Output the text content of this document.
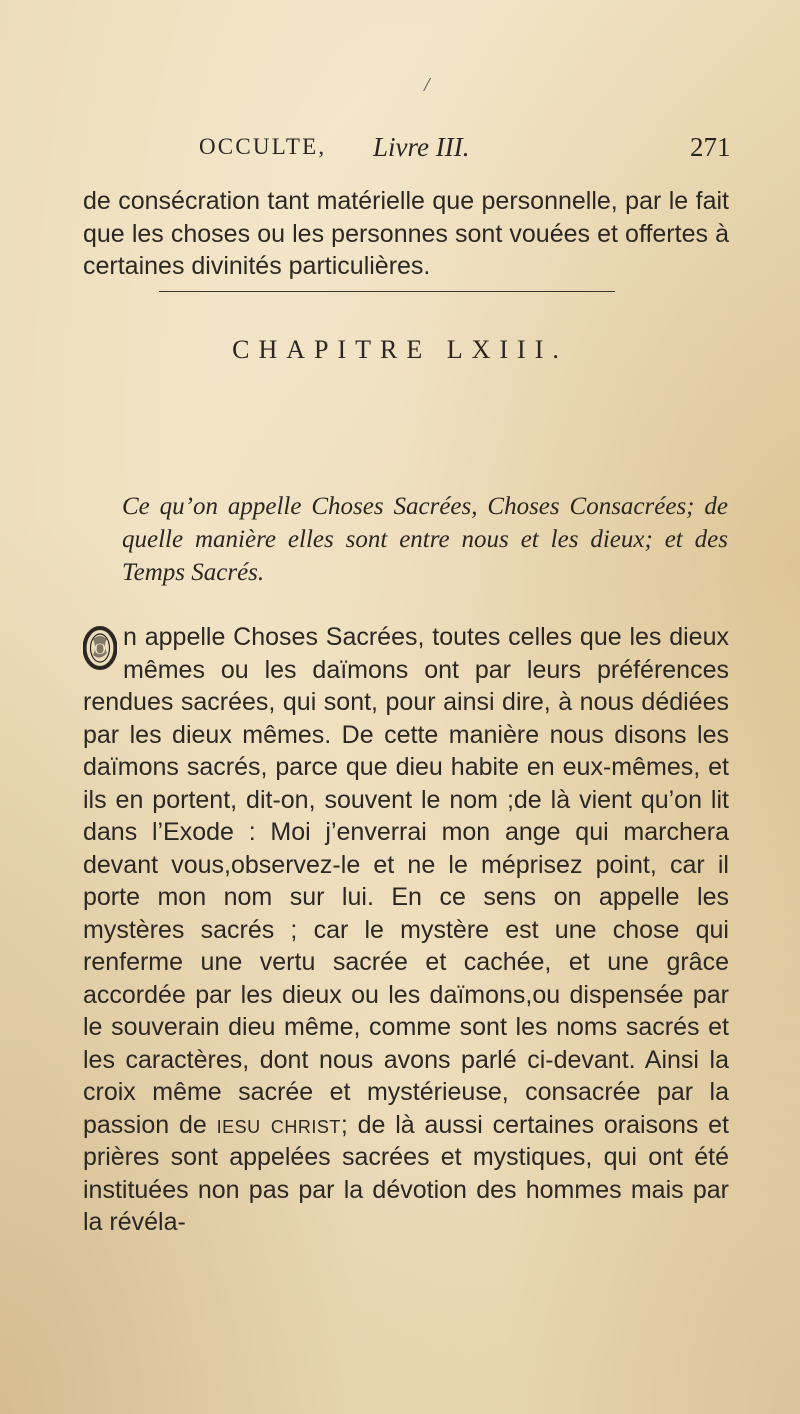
/
OCCULTE, Livre III.	271

de consécration tant matérielle que personnelle, par le fait que les choses ou les personnes sont vouées et offertes à certaines divinités particulières.

CHAPITRE LXIII.

Ce qu’on appelle Choses Sacrées, Choses Consacrées; de quelle manière elles sont entre nous et les dieux; et des Temps Sacrés.

O n appelle Choses Sacrées, toutes celles que les dieux mêmes ou les daïmons ont par leurs préférences rendues sacrées, qui sont, pour ainsi dire, à nous dédiées par les dieux mêmes. De cette manière nous disons les daïmons sacrés, parce que dieu habite en eux-mêmes, et ils en portent, dit-on, souvent le nom ;de là vient qu’on lit dans l’Exode : Moi j’enverrai mon ange qui marchera devant vous,observez-le et ne le méprisez point, car il porte mon nom sur lui. En ce sens on appelle les mystères sacrés ; car le mystère est une chose qui renferme une vertu sacrée et cachée, et une grâce accordée par les dieux ou les daïmons,ou dispensée par le souverain dieu même, comme sont les noms sacrés et les caractères, dont nous avons parlé ci-devant. Ainsi la croix même sacrée et mystérieuse, consacrée par la passion de iesu christ; de là aussi certaines oraisons et prières sont appelées sacrées et mystiques, qui ont été instituées non pas par la dévotion des hommes mais par la révéla-
